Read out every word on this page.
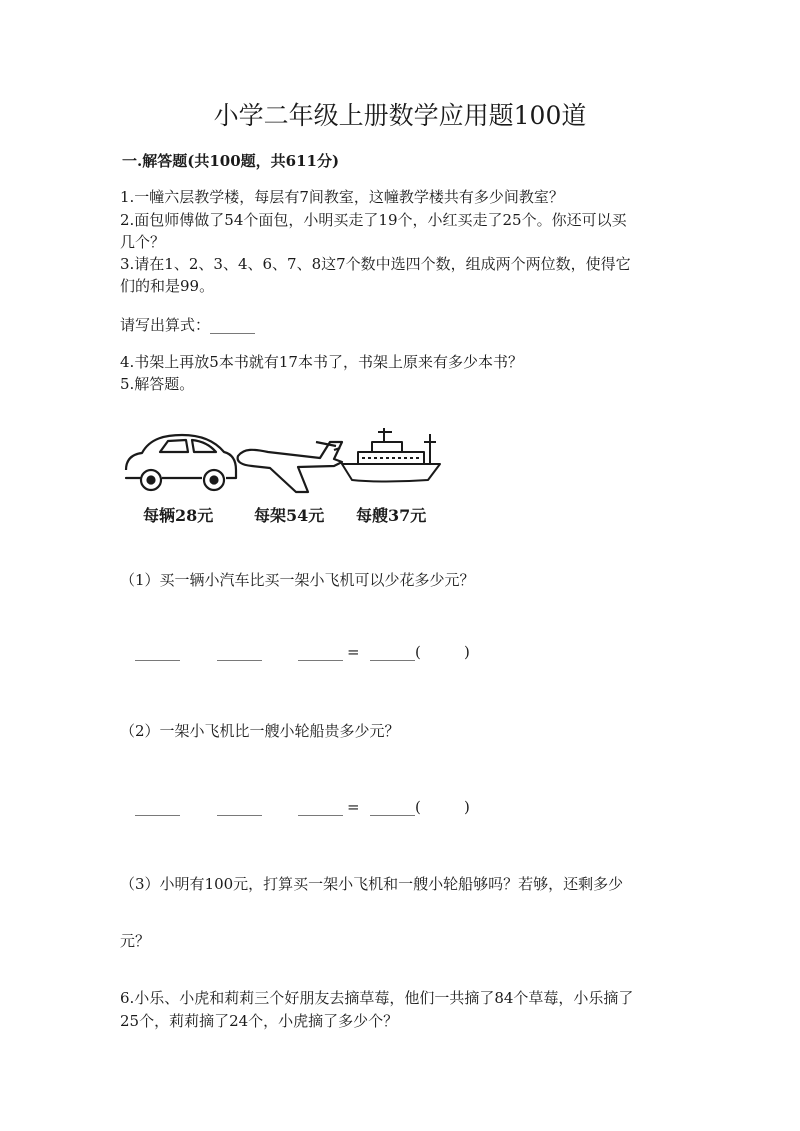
小学二年级上册数学应用题100道
一.解答题(共100题，共611分)
1.一幢六层教学楼，每层有7间教室，这幢教学楼共有多少间教室？
2.面包师傅做了54个面包，小明买走了19个，小红买走了25个。你还可以买
几个？
3.请在1、2、3、4、6、7、8这7个数中选四个数，组成两个两位数，使得它
们的和是99。
请写出算式：______
4.书架上再放5本书就有17本书了，书架上原来有多少本书？
5.解答题。
每辆28元	每架54元 每艘37元
（1）买一辆小汽车比买一架小飞机可以少花多少元？
______ ______ ______ = ______(	)
（2）一架小飞机比一艘小轮船贵多少元？
______ ______ ______ = ______(	)
（3）小明有100元，打算买一架小飞机和一艘小轮船够吗？若够，还剩多少
元？
6.小乐、小虎和莉莉三个好朋友去摘草莓，他们一共摘了84个草莓，小乐摘了
25个，莉莉摘了24个，小虎摘了多少个？
